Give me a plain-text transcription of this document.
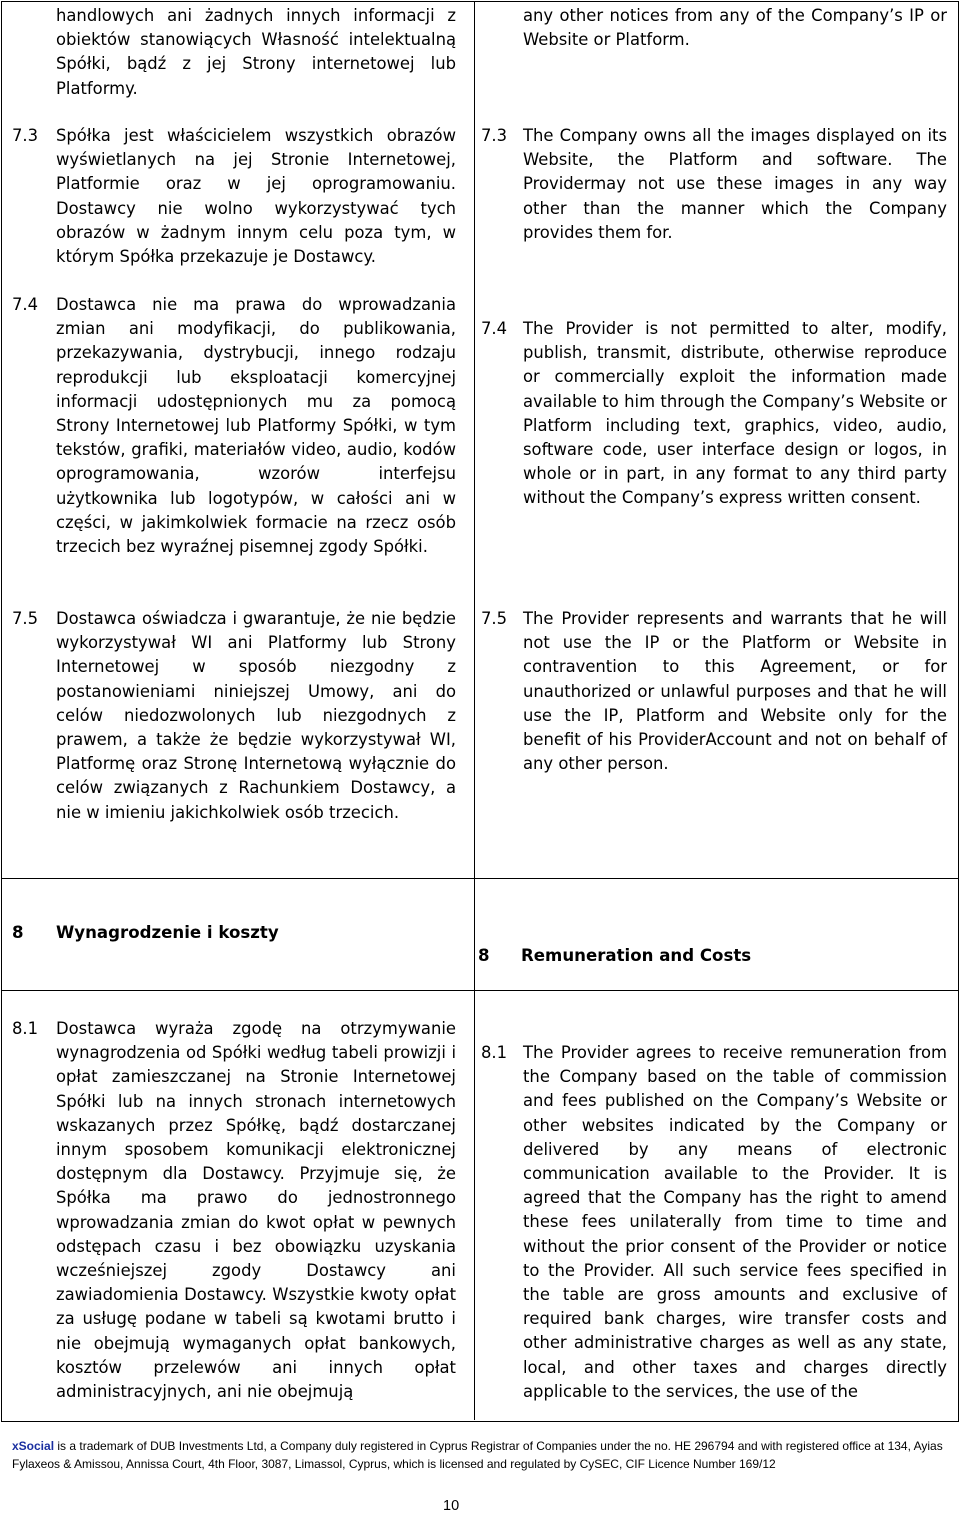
handlowych ani żadnych innych informacji z obiektów stanowiących Własność intelektualną Spółki, bądź z jej Strony internetowej lub Platformy.

any other notices from any of the Company’s IP or Website or Platform.

7.3 Spółka jest właścicielem wszystkich obrazów wyświetlanych na jej Stronie Internetowej, Platformie oraz w jej oprogramowaniu. Dostawcy nie wolno wykorzystywać tych obrazów w żadnym innym celu poza tym, w którym Spółka przekazuje je Dostawcy.

7.3 The Company owns all the images displayed on its Website, the Platform and software. The Providermay not use these images in any way other than the manner which the Company provides them for.

7.4 Dostawca nie ma prawa do wprowadzania zmian ani modyfikacji, do publikowania, przekazywania, dystrybucji, innego rodzaju reprodukcji lub eksploatacji komercyjnej informacji udostępnionych mu za pomocą Strony Internetowej lub Platformy Spółki, w tym tekstów, grafiki, materiałów video, audio, kodów oprogramowania, wzorów interfejsu użytkownika lub logotypów, w całości ani w części, w jakimkolwiek formacie na rzecz osób trzecich bez wyraźnej pisemnej zgody Spółki.

7.4 The Provider is not permitted to alter, modify, publish, transmit, distribute, otherwise reproduce or commercially exploit the information made available to him through the Company’s Website or Platform including text, graphics, video, audio, software code, user interface design or logos, in whole or in part, in any format to any third party without the Company’s express written consent.

7.5 Dostawca oświadcza i gwarantuje, że nie będzie wykorzystywał WI ani Platformy lub Strony Internetowej w sposób niezgodny z postanowieniami niniejszej Umowy, ani do celów niedozwolonych lub niezgodnych z prawem, a także że będzie wykorzystywał WI, Platformę oraz Stronę Internetową wyłącznie do celów związanych z Rachunkiem Dostawcy, a nie w imieniu jakichkolwiek osób trzecich.

7.5 The Provider represents and warrants that he will not use the IP or the Platform or Website in contravention to this Agreement, or for unauthorized or unlawful purposes and that he will use the IP, Platform and Website only for the benefit of his ProviderAccount and not on behalf of any other person.

8 Wynagrodzenie i koszty
8 Remuneration and Costs
8.1 Dostawca wyraża zgodę na otrzymywanie wynagrodzenia od Spółki według tabeli prowizji i opłat zamieszczanej na Stronie Internetowej Spółki lub na innych stronach internetowych wskazanych przez Spółkę, bądź dostarczanej innym sposobem komunikacji elektronicznej dostępnym dla Dostawcy. Przyjmuje się, że Spółka ma prawo do jednostronnego wprowadzania zmian do kwot opłat w pewnych odstępach czasu i bez obowiązku uzyskania wcześniejszej zgody Dostawcy ani zawiadomienia Dostawcy. Wszystkie kwoty opłat za usługę podane w tabeli są kwotami brutto i nie obejmują wymaganych opłat bankowych, kosztów przelewów ani innych opłat administracyjnych, ani nie obejmują

8.1 The Provider agrees to receive remuneration from the Company based on the table of commission and fees published on the Company’s Website or other websites indicated by the Company or delivered by any means of electronic communication available to the Provider. It is agreed that the Company has the right to amend these fees unilaterally from time to time and without the prior consent of the Provider or notice to the Provider. All such service fees specified in the table are gross amounts and exclusive of required bank charges, wire transfer costs and other administrative charges as well as any state, local, and other taxes and charges directly applicable to the services, the use of the

xSocial is a trademark of DUB Investments Ltd, a Company duly registered in Cyprus Registrar of Companies under the no. HE 296794 and with registered office at 134, Ayias Fylaxeos & Amissou, Annissa Court, 4th Floor, 3087, Limassol, Cyprus, which is licensed and regulated by CySEC, CIF Licence Number 169/12
10
